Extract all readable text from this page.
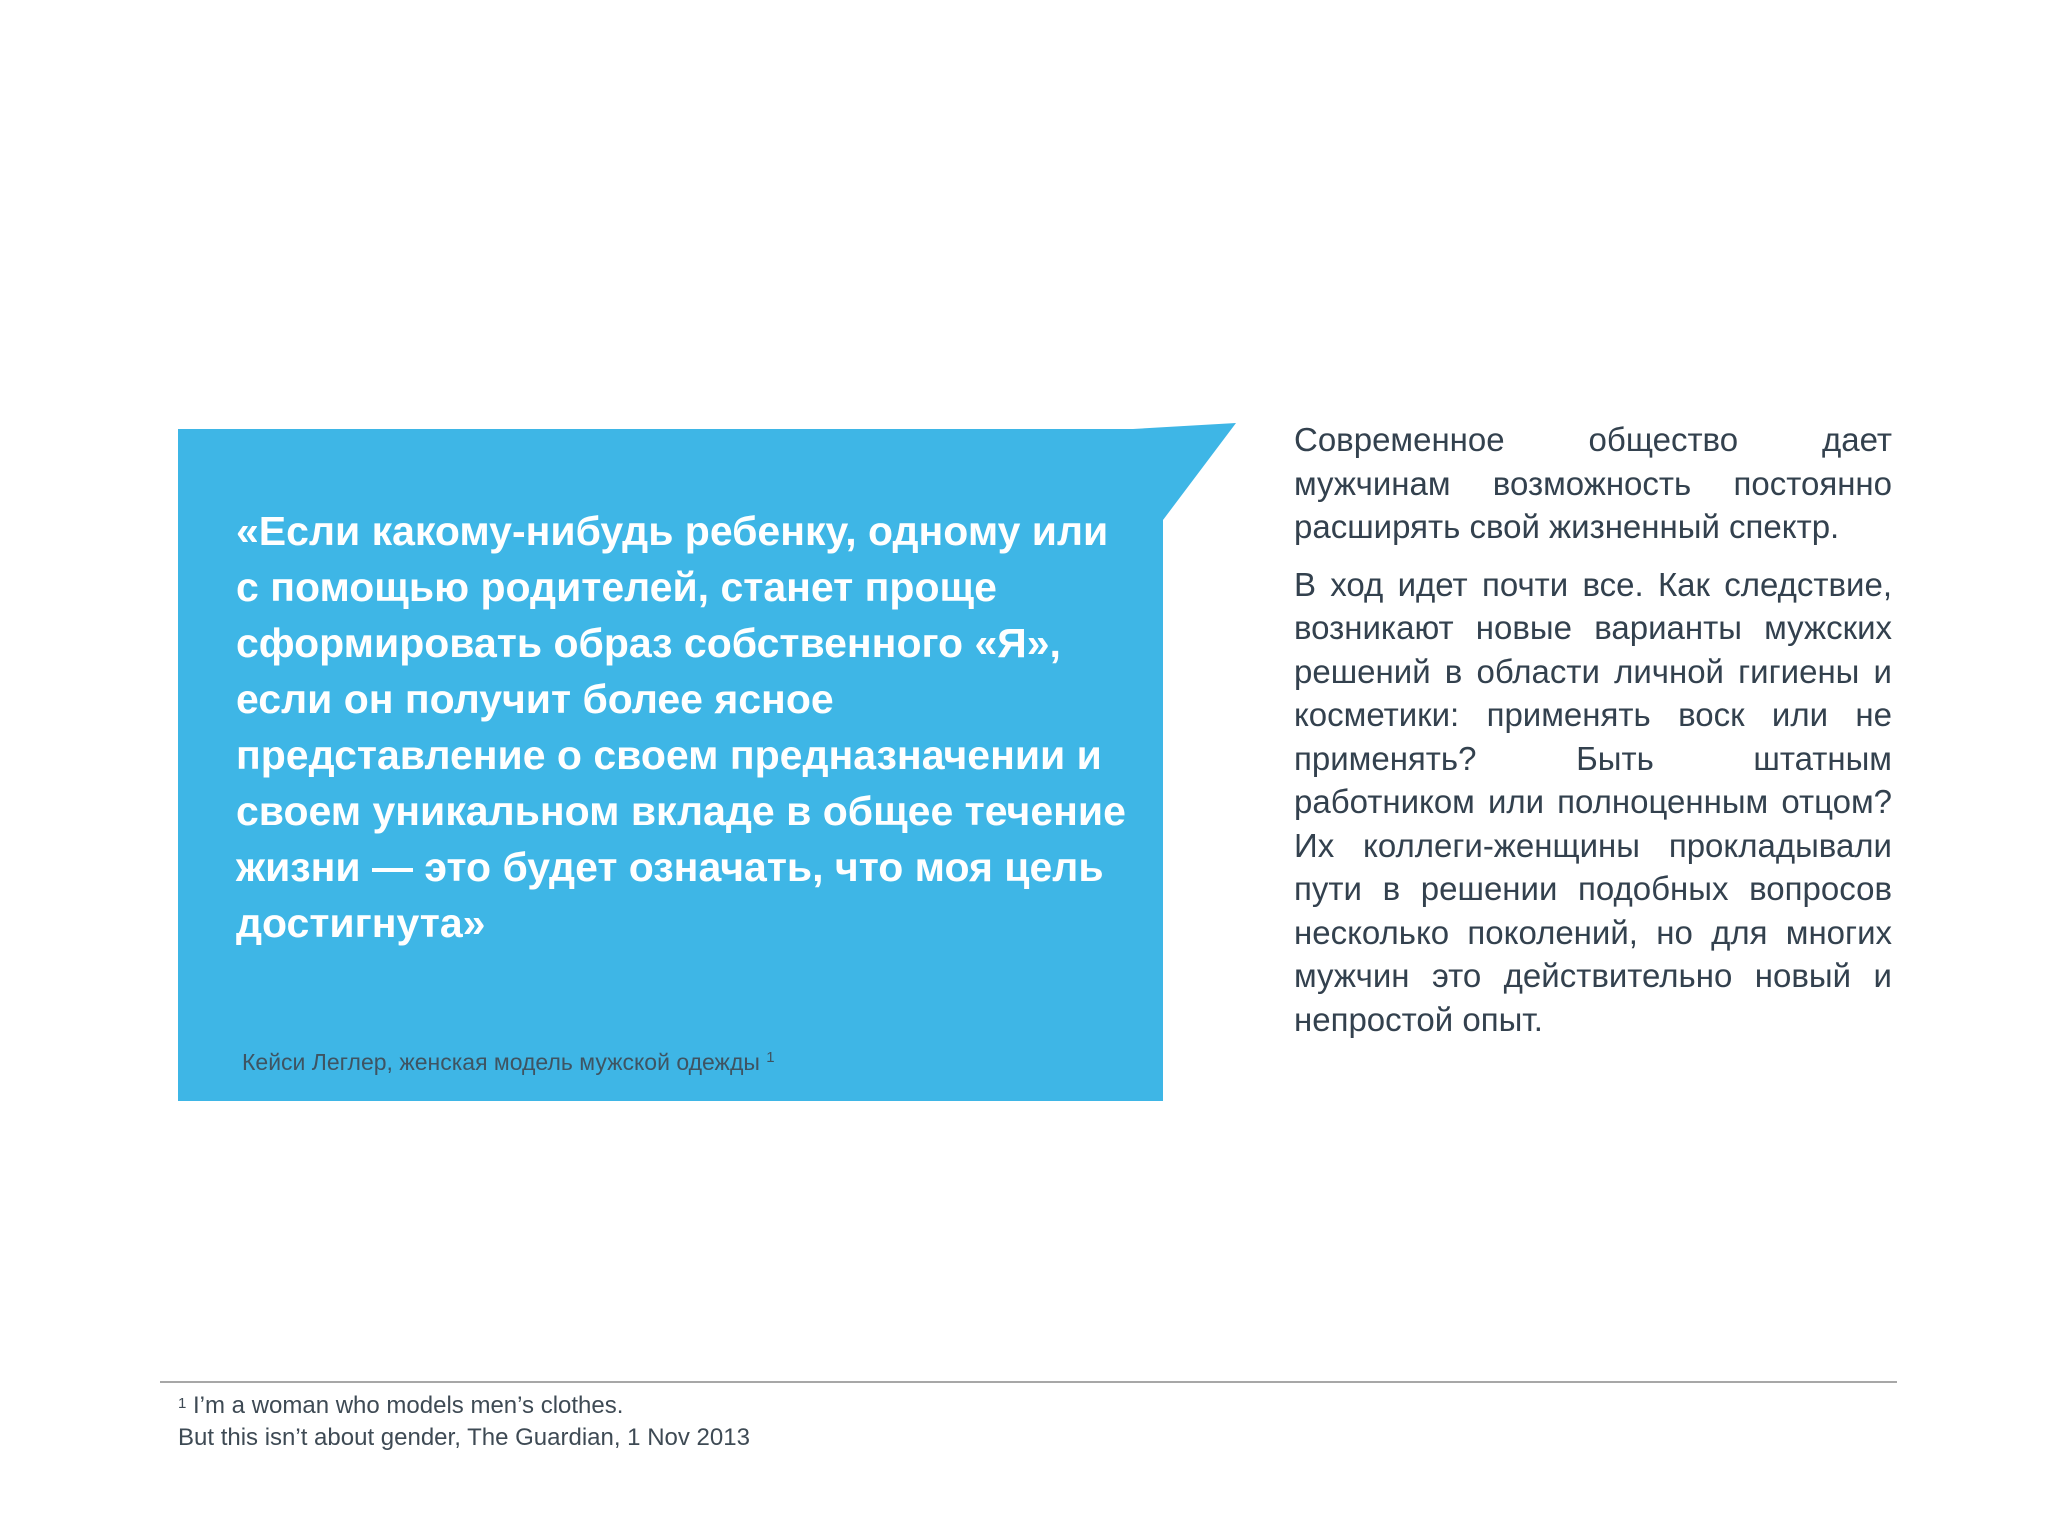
«Если какому-нибудь ребенку, одному или с помощью родителей, станет проще сформировать образ собственного «Я», если он получит более ясное представление о своем предназначении и своем уникальном вкладе в общее течение жизни — это будет означать, что моя цель достигнута»

Кейси Леглер, женская модель мужской одежды $^1$

Современное общество дает мужчинам возможность постоянно расширять свой жизненный спектр.

В ход идет почти все. Как следствие, возникают новые варианты мужских решений в области личной гигиены и косметики: применять воск или не применять? Быть штатным работником или полноценным отцом? Их коллеги-женщины прокладывали пути в решении подобных вопросов несколько поколений, но для многих мужчин это действительно новый и непростой опыт.

$^1$ I’m a woman who models men’s clothes.

But this isn’t about gender, The Guardian, 1 Nov 2013
